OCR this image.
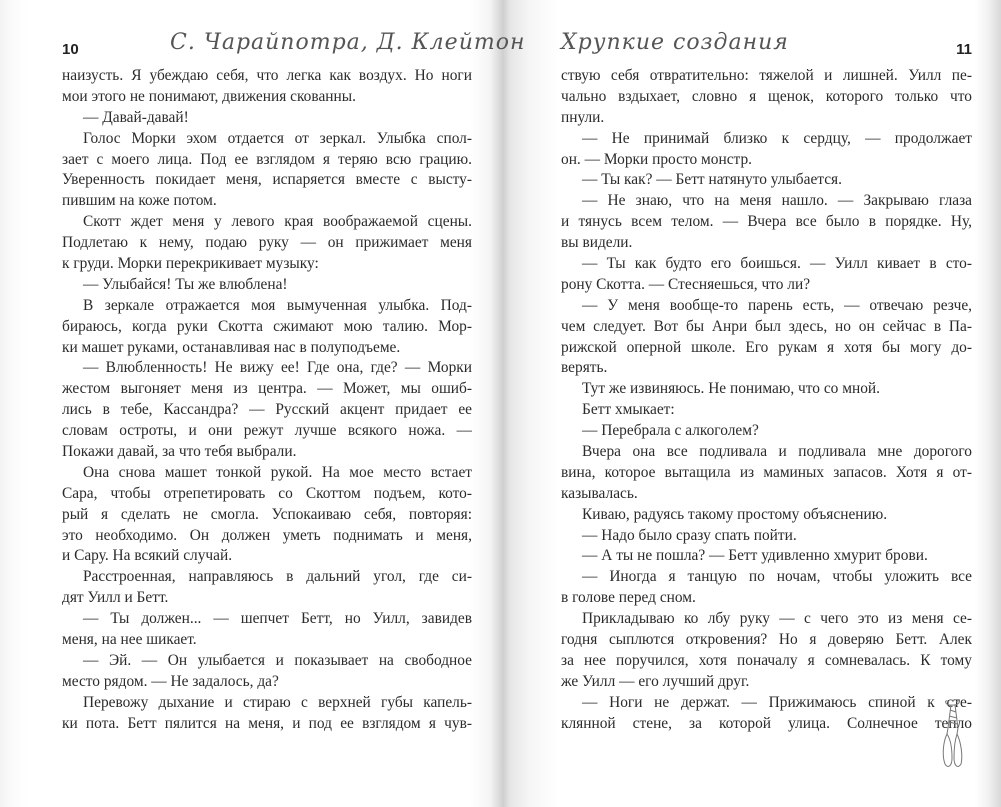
10	С. Чарайпотра, Д. Клейтон
наизусть. Я убеждаю себя, что легка как воздух. Но ноги
мои этого не понимают, движения скованны.
— Давай-давай!
Голос Морки эхом отдается от зеркал. Улыбка спол-
зает с моего лица. Под ее взглядом я теряю всю грацию.
Уверенность покидает меня, испаряется вместе с высту-
пившим на коже потом.
Скотт ждет меня у левого края воображаемой сцены.
Подлетаю к нему, подаю руку — он прижимает меня
к груди. Морки перекрикивает музыку:
— Улыбайся! Ты же влюблена!
В зеркале отражается моя вымученная улыбка. Под-
бираюсь, когда руки Скотта сжимают мою талию. Мор-
ки машет руками, останавливая нас в полуподъеме.
— Влюбленность! Не вижу ее! Где она, где? — Морки
жестом выгоняет меня из центра. — Может, мы ошиб-
лись в тебе, Кассандра? — Русский акцент придает ее
словам остроты, и они режут лучше всякого ножа. —
Покажи давай, за что тебя выбрали.
Она снова машет тонкой рукой. На мое место встает
Сара, чтобы отрепетировать со Скоттом подъем, кото-
рый я сделать не смогла. Успокаиваю себя, повторяя:
это необходимо. Он должен уметь поднимать и меня,
и Сару. На всякий случай.
Расстроенная, направляюсь в дальний угол, где си-
дят Уилл и Бетт.
— Ты должен... — шепчет Бетт, но Уилл, завидев
меня, на нее шикает.
— Эй. — Он улыбается и показывает на свободное
место рядом. — Не задалось, да?
Перевожу дыхание и стираю с верхней губы капель-
ки пота. Бетт пялится на меня, и под ее взглядом я чув-
Хрупкие создания	11
ствую себя отвратительно: тяжелой и лишней. Уилл пе-
чально вздыхает, словно я щенок, которого только что
пнули.
— Не принимай близко к сердцу, — продолжает
он. — Морки просто монстр.
— Ты как? — Бетт натянуто улыбается.
— Не знаю, что на меня нашло. — Закрываю глаза
и тянусь всем телом. — Вчера все было в порядке. Ну,
вы видели.
— Ты как будто его боишься. — Уилл кивает в сто-
рону Скотта. — Стесняешься, что ли?
— У меня вообще-то парень есть, — отвечаю резче,
чем следует. Вот бы Анри был здесь, но он сейчас в Па-
рижской оперной школе. Его рукам я хотя бы могу до-
верять.
Тут же извиняюсь. Не понимаю, что со мной.
Бетт хмыкает:
— Перебрала с алкоголем?
Вчера она все подливала и подливала мне дорогого
вина, которое вытащила из маминых запасов. Хотя я от-
казывалась.
Киваю, радуясь такому простому объяснению.
— Надо было сразу спать пойти.
— А ты не пошла? — Бетт удивленно хмурит брови.
— Иногда я танцую по ночам, чтобы уложить все
в голове перед сном.
Прикладываю ко лбу руку — с чего это из меня се-
годня сыплются откровения? Но я доверяю Бетт. Алек
за нее поручился, хотя поначалу я сомневалась. К тому
же Уилл — его лучший друг.
— Ноги не держат. — Прижимаюсь спиной к сте-
клянной стене, за которой улица. Солнечное тепло
